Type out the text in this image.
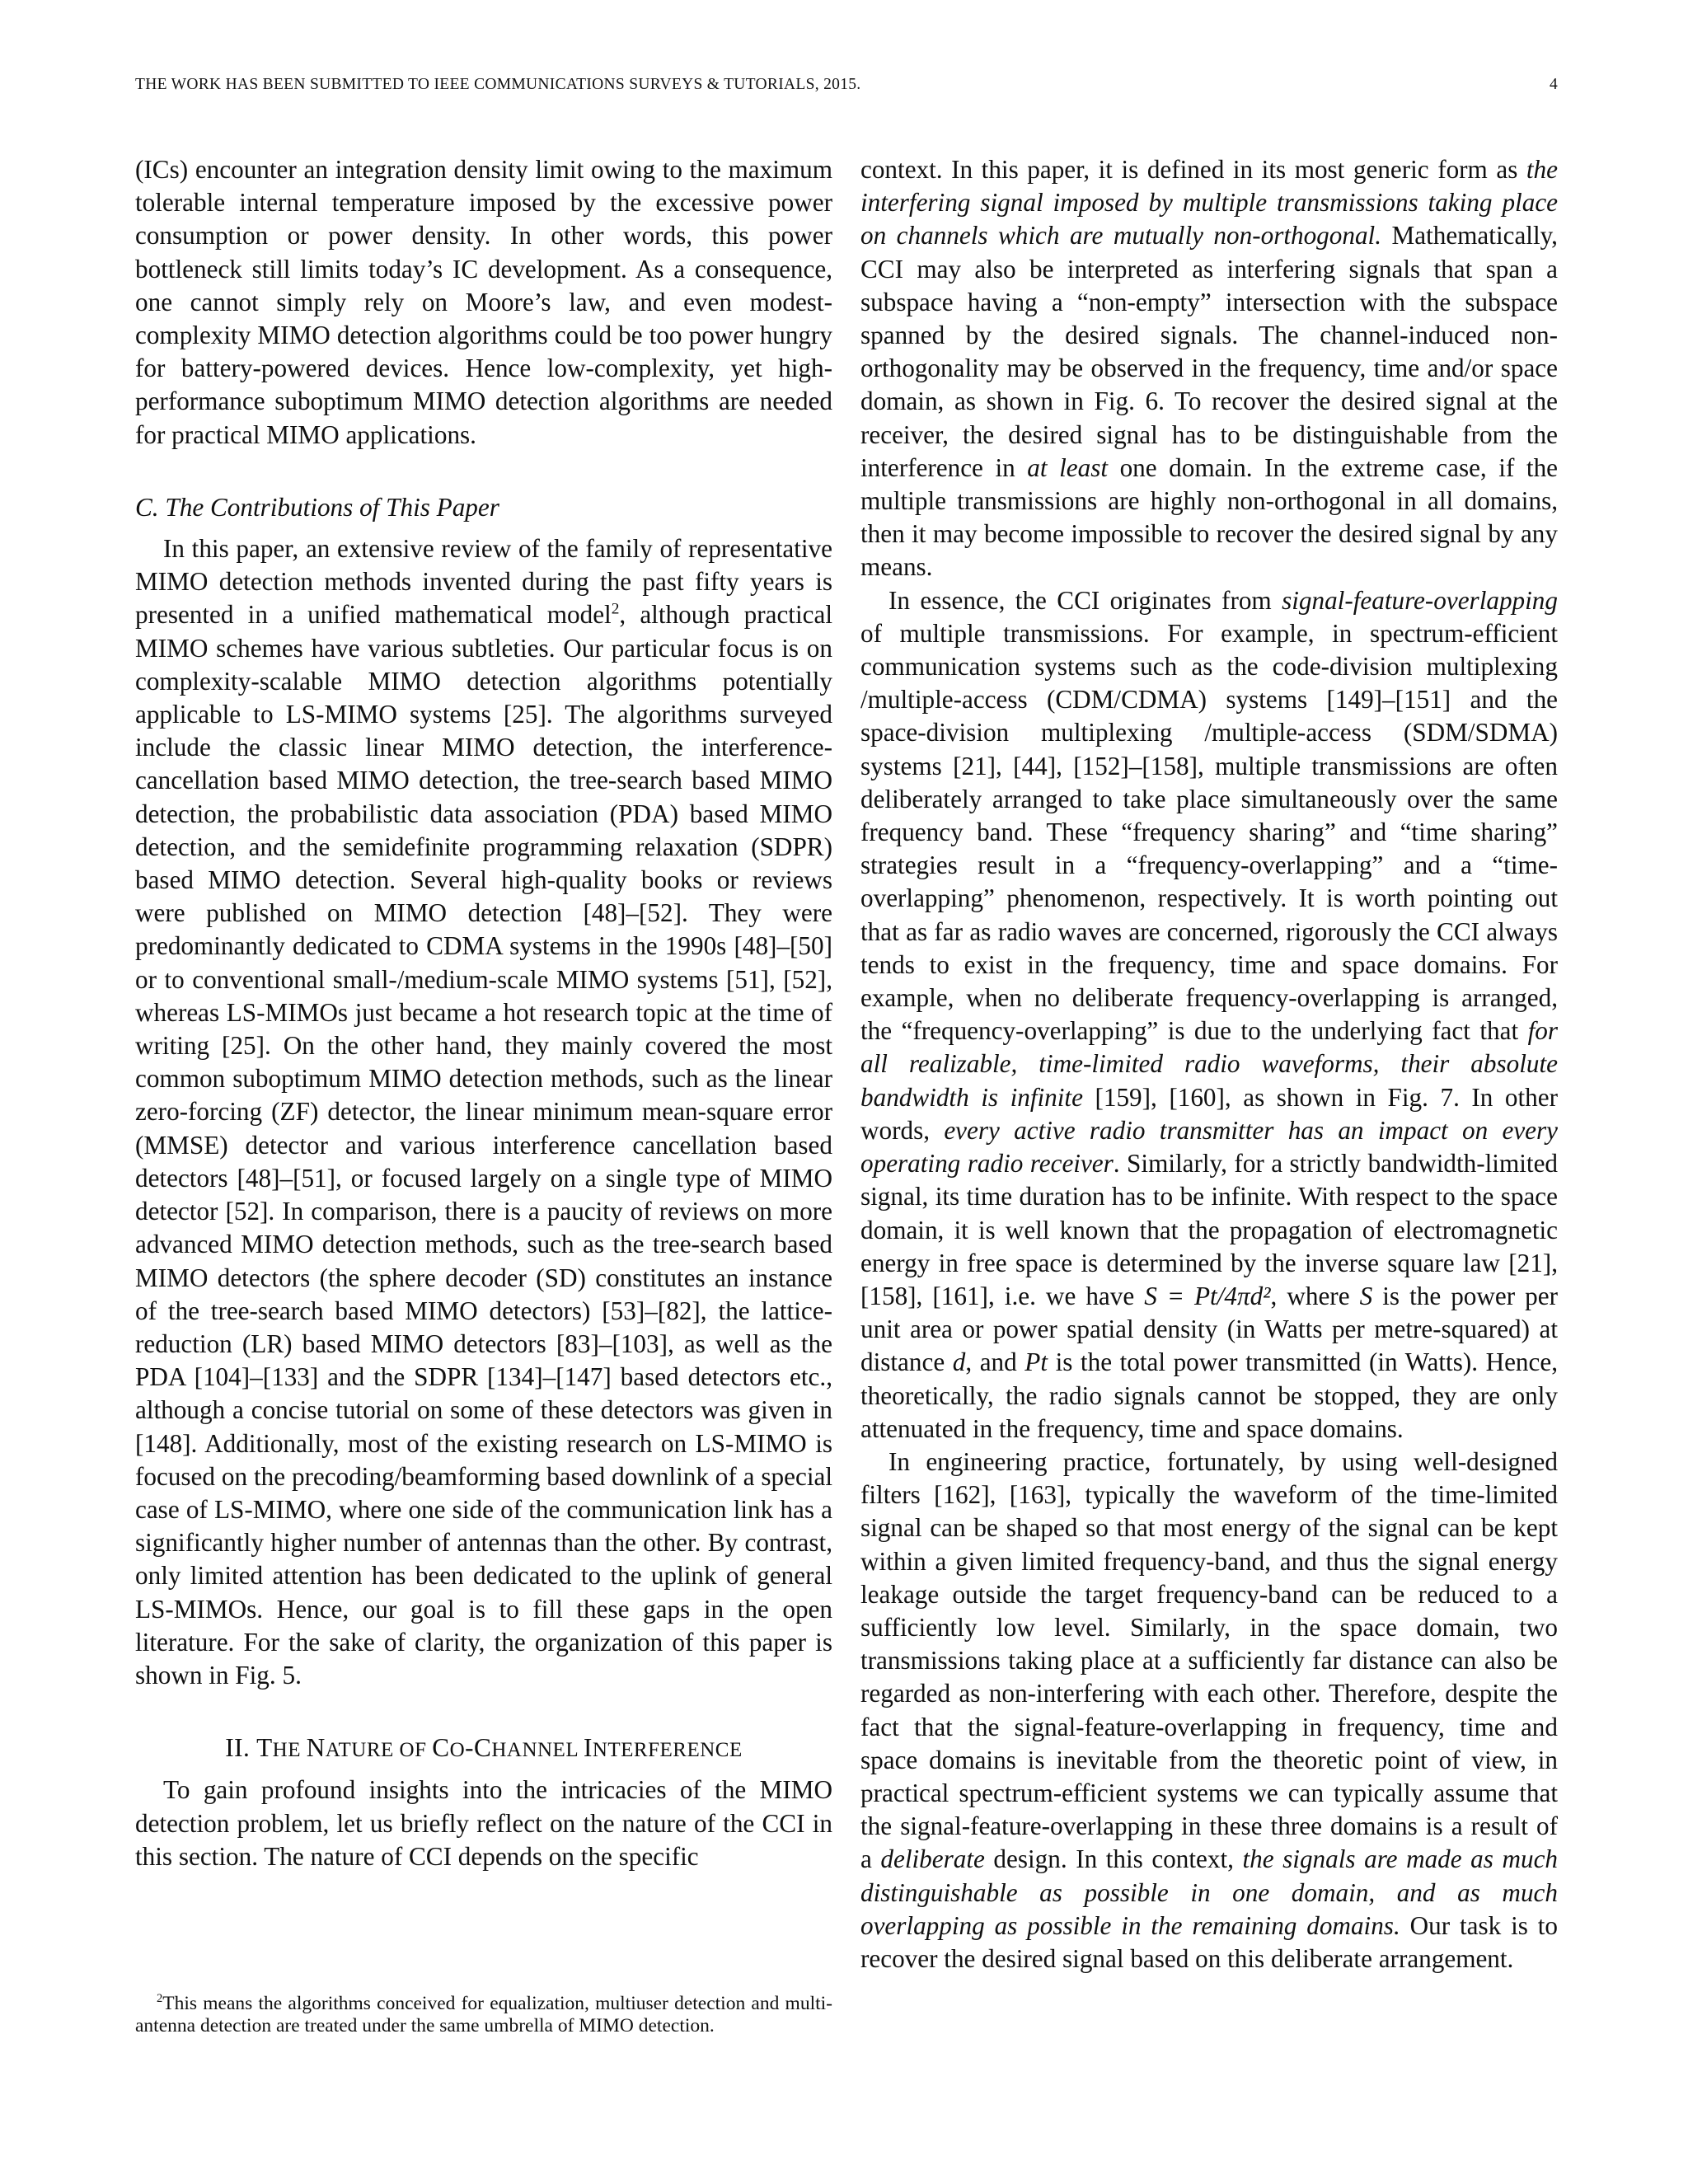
THE WORK HAS BEEN SUBMITTED TO IEEE COMMUNICATIONS SURVEYS & TUTORIALS, 2015.	4

(ICs) encounter an integration density limit owing to the maximum tolerable internal temperature imposed by the excessive power consumption or power density. In other words, this power bottleneck still limits today’s IC development. As a consequence, one cannot simply rely on Moore’s law, and even modest-complexity MIMO detection algorithms could be too power hungry for battery-powered devices. Hence low-complexity, yet high-performance suboptimum MIMO detection algorithms are needed for practical MIMO applications.

C. The Contributions of This Paper

In this paper, an extensive review of the family of representative MIMO detection methods invented during the past fifty years is presented in a unified mathematical model$^2$, although practical MIMO schemes have various subtleties. Our particular focus is on complexity-scalable MIMO detection algorithms potentially applicable to LS-MIMO systems [25]. The algorithms surveyed include the classic linear MIMO detection, the interference-cancellation based MIMO detection, the tree-search based MIMO detection, the probabilistic data association (PDA) based MIMO detection, and the semidefinite programming relaxation (SDPR) based MIMO detection. Several high-quality books or reviews were published on MIMO detection [48]–[52]. They were predominantly dedicated to CDMA systems in the 1990s [48]–[50] or to conventional small-/medium-scale MIMO systems [51], [52], whereas LS-MIMOs just became a hot research topic at the time of writing [25]. On the other hand, they mainly covered the most common suboptimum MIMO detection methods, such as the linear zero-forcing (ZF) detector, the linear minimum mean-square error (MMSE) detector and various interference cancellation based detectors [48]–[51], or focused largely on a single type of MIMO detector [52]. In comparison, there is a paucity of reviews on more advanced MIMO detection methods, such as the tree-search based MIMO detectors (the sphere decoder (SD) constitutes an instance of the tree-search based MIMO detectors) [53]–[82], the lattice-reduction (LR) based MIMO detectors [83]–[103], as well as the PDA [104]–[133] and the SDPR [134]–[147] based detectors etc., although a concise tutorial on some of these detectors was given in [148]. Additionally, most of the existing research on LS-MIMO is focused on the precoding/beamforming based downlink of a special case of LS-MIMO, where one side of the communication link has a significantly higher number of antennas than the other. By contrast, only limited attention has been dedicated to the uplink of general LS-MIMOs. Hence, our goal is to fill these gaps in the open literature. For the sake of clarity, the organization of this paper is shown in Fig. 5.

II. THE NATURE OF CO-CHANNEL INTERFERENCE

To gain profound insights into the intricacies of the MIMO detection problem, let us briefly reflect on the nature of the CCI in this section. The nature of CCI depends on the specific

$^2$This means the algorithms conceived for equalization, multiuser detection and multi-antenna detection are treated under the same umbrella of MIMO detection.

context. In this paper, it is defined in its most generic form as the interfering signal imposed by multiple transmissions taking place on channels which are mutually non-orthogonal. Mathematically, CCI may also be interpreted as interfering signals that span a subspace having a “non-empty” intersection with the subspace spanned by the desired signals. The channel-induced non-orthogonality may be observed in the frequency, time and/or space domain, as shown in Fig. 6. To recover the desired signal at the receiver, the desired signal has to be distinguishable from the interference in at least one domain. In the extreme case, if the multiple transmissions are highly non-orthogonal in all domains, then it may become impossible to recover the desired signal by any means.

In essence, the CCI originates from signal-feature-overlapping of multiple transmissions. For example, in spectrum-efficient communication systems such as the code-division multiplexing /multiple-access (CDM/CDMA) systems [149]–[151] and the space-division multiplexing /multiple-access (SDM/SDMA) systems [21], [44], [152]–[158], multiple transmissions are often deliberately arranged to take place simultaneously over the same frequency band. These “frequency sharing” and “time sharing” strategies result in a “frequency-overlapping” and a “time-overlapping” phenomenon, respectively. It is worth pointing out that as far as radio waves are concerned, rigorously the CCI always tends to exist in the frequency, time and space domains. For example, when no deliberate frequency-overlapping is arranged, the “frequency-overlapping” is due to the underlying fact that for all realizable, time-limited radio waveforms, their absolute bandwidth is infinite [159], [160], as shown in Fig. 7. In other words, every active radio transmitter has an impact on every operating radio receiver. Similarly, for a strictly bandwidth-limited signal, its time duration has to be infinite. With respect to the space domain, it is well known that the propagation of electromagnetic energy in free space is determined by the inverse square law [21], [158], [161], i.e. we have S = Pt/4πd², where S is the power per unit area or power spatial density (in Watts per metre-squared) at distance d, and Pt is the total power transmitted (in Watts). Hence, theoretically, the radio signals cannot be stopped, they are only attenuated in the frequency, time and space domains.

In engineering practice, fortunately, by using well-designed filters [162], [163], typically the waveform of the time-limited signal can be shaped so that most energy of the signal can be kept within a given limited frequency-band, and thus the signal energy leakage outside the target frequency-band can be reduced to a sufficiently low level. Similarly, in the space domain, two transmissions taking place at a sufficiently far distance can also be regarded as non-interfering with each other. Therefore, despite the fact that the signal-feature-overlapping in frequency, time and space domains is inevitable from the theoretic point of view, in practical spectrum-efficient systems we can typically assume that the signal-feature-overlapping in these three domains is a result of a deliberate design. In this context, the signals are made as much distinguishable as possible in one domain, and as much overlapping as possible in the remaining domains. Our task is to recover the desired signal based on this deliberate arrangement.
